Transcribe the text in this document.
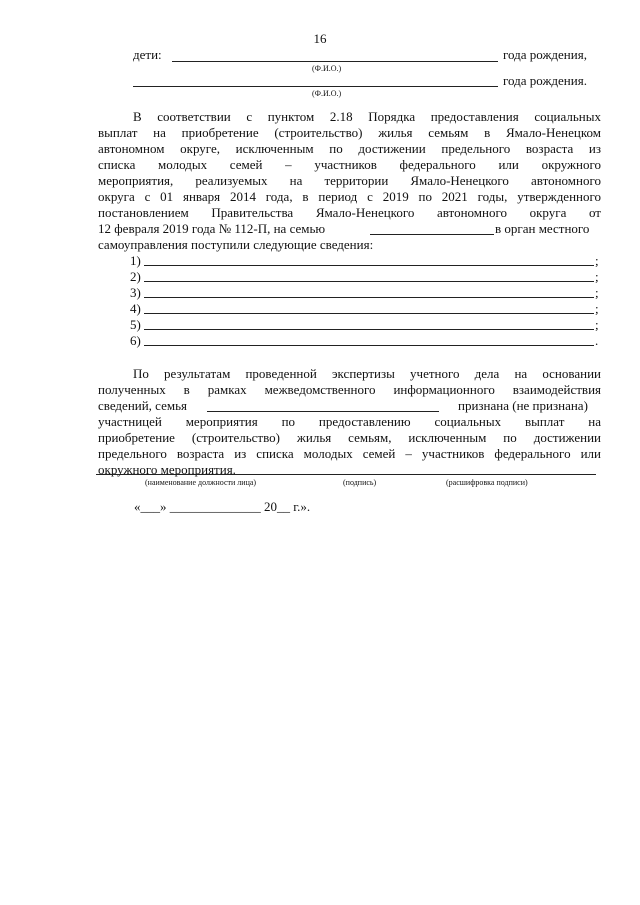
16
дети:	года рождения,
(Ф.И.О.)
года рождения.
(Ф.И.О.)
В соответствии с пунктом 2.18 Порядка предоставления социальных
выплат на приобретение (строительство) жилья семьям в Ямало-Ненецком
автономном округе, исключенным по достижении предельного возраста из
списка молодых семей – участников федерального или окружного
мероприятия, реализуемых на территории Ямало-Ненецкого автономного
округа с 01 января 2014 года, в период с 2019 по 2021 годы, утвержденного
постановлением Правительства Ямало-Ненецкого автономного округа от
12 февраля 2019 года № 112-П, на семью	в орган местного
самоуправления поступили следующие сведения:
1)	;
2)	;
3)	;
4)	;
5)	;
6)	.
По результатам проведенной экспертизы учетного дела на основании
полученных в рамках межведомственного информационного взаимодействия
сведений, семья	признана (не признана)
участницей мероприятия по предоставлению социальных выплат на
приобретение (строительство) жилья семьям, исключенным по достижении
предельного возраста из списка молодых семей – участников федерального или
окружного мероприятия.
(наименование должности лица)	(подпись)	(расшифровка подписи)
«___» ______________ 20__ г.».
